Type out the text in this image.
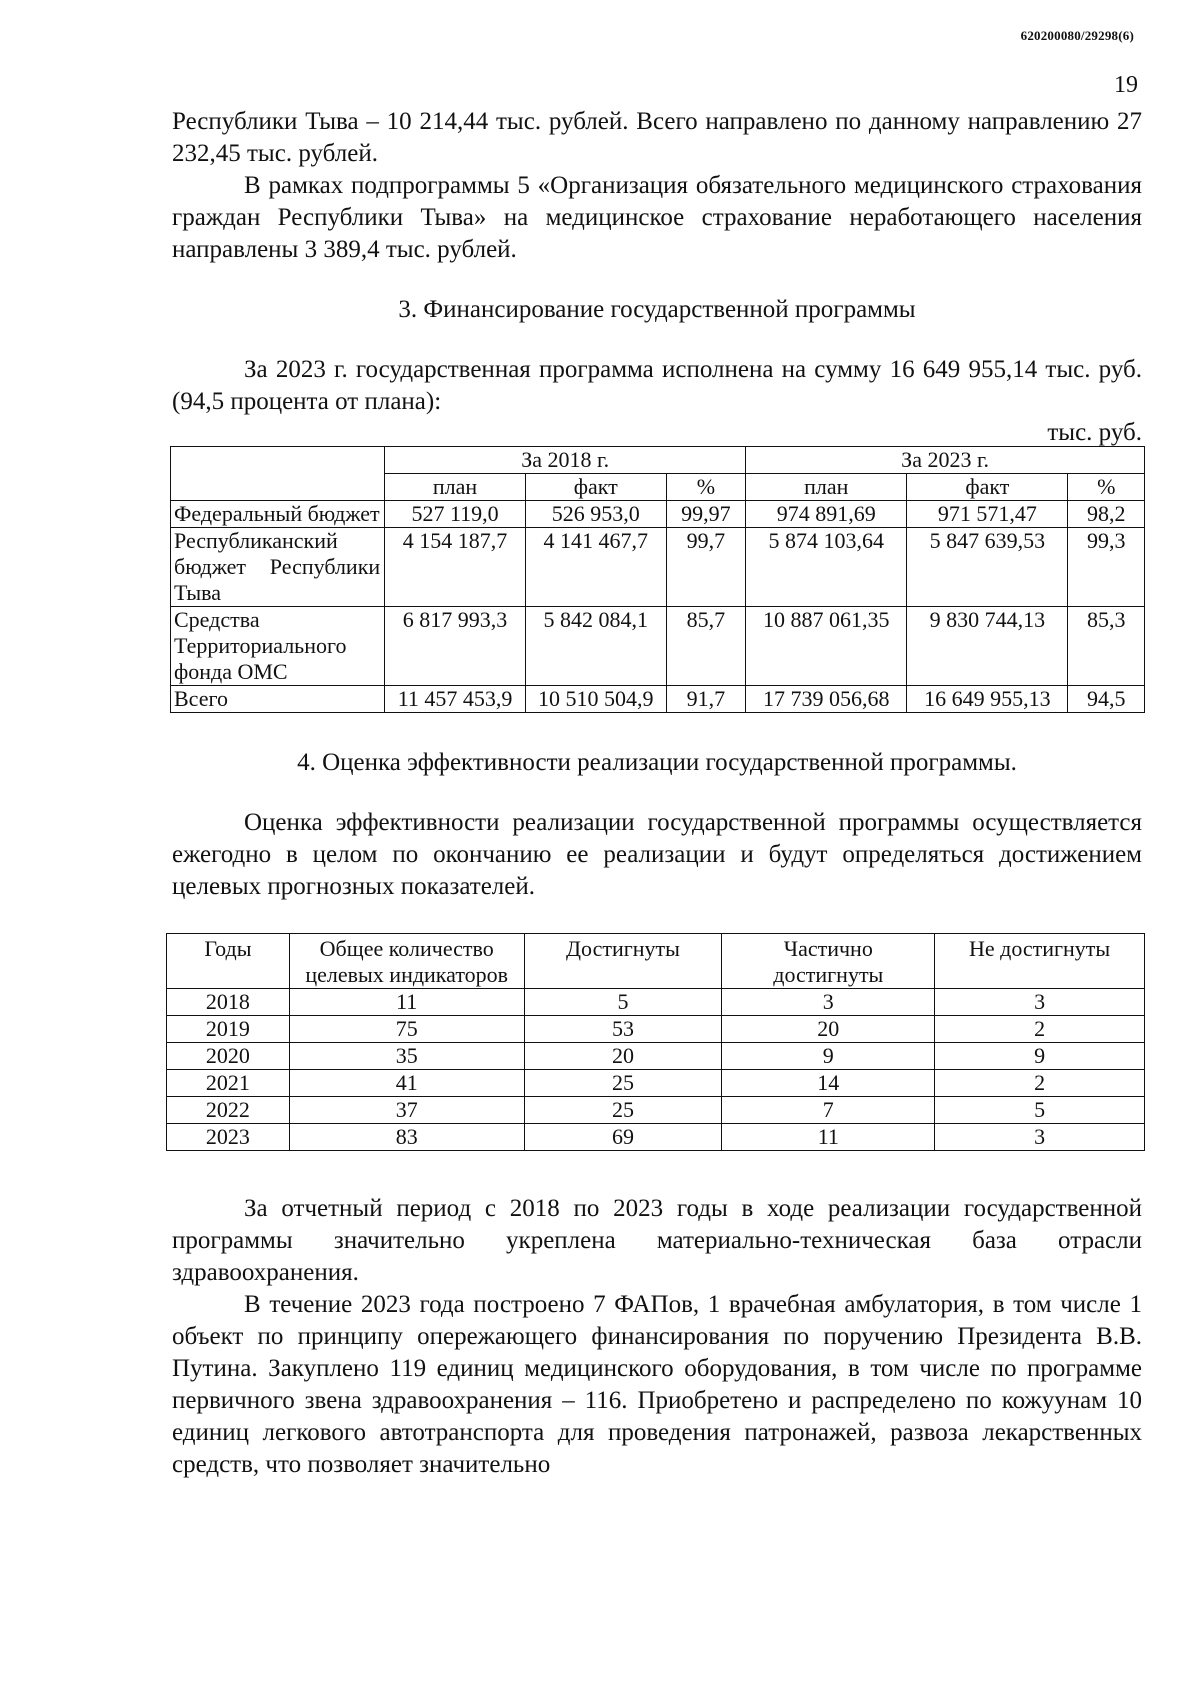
620200080/29298(6)
19

Республики Тыва – 10 214,44 тыс. рублей. Всего направлено по данному направлению 27 232,45 тыс. рублей.

В рамках подпрограммы 5 «Организация обязательного медицинского страхования граждан Республики Тыва» на медицинское страхование неработающего населения направлены 3 389,4 тыс. рублей.

3. Финансирование государственной программы

За 2023 г. государственная программа исполнена на сумму 16 649 955,14 тыс. руб. (94,5 процента от плана):

тыс. руб.
	За 2018 г.			За 2023 г.		
	план	факт	%	план	факт	%
Федеральный бюджет	527 119,0	526 953,0	99,97	974 891,69	971 571,47	98,2
Республиканский бюджет Республики Тыва	4 154 187,7	4 141 467,7	99,7	5 874 103,64	5 847 639,53	99,3
Средства Территориального фонда ОМС	6 817 993,3	5 842 084,1	85,7	10 887 061,35	9 830 744,13	85,3
Всего	11 457 453,9	10 510 504,9	91,7	17 739 056,68	16 649 955,13	94,5
4. Оценка эффективности реализации государственной программы.

Оценка эффективности реализации государственной программы осуществляется ежегодно в целом по окончанию ее реализации и будут определяться достижением целевых прогнозных показателей.

Годы	Общее количество целевых индикаторов	Достигнуты	Частично достигнуты	Не достигнуты
2018	11	5	3	3
2019	75	53	20	2
2020	35	20	9	9
2021	41	25	14	2
2022	37	25	7	5
2023	83	69	11	3

За отчетный период с 2018 по 2023 годы в ходе реализации государственной программы значительно укреплена материально-техническая база отрасли здравоохранения.

В течение 2023 года построено 7 ФАПов, 1 врачебная амбулатория, в том числе 1 объект по принципу опережающего финансирования по поручению Президента В.В. Путина. Закуплено 119 единиц медицинского оборудования, в том числе по программе первичного звена здравоохранения – 116. Приобретено и распределено по кожуунам 10 единиц легкового автотранспорта для проведения патронажей, развоза лекарственных средств, что позволяет значительно
